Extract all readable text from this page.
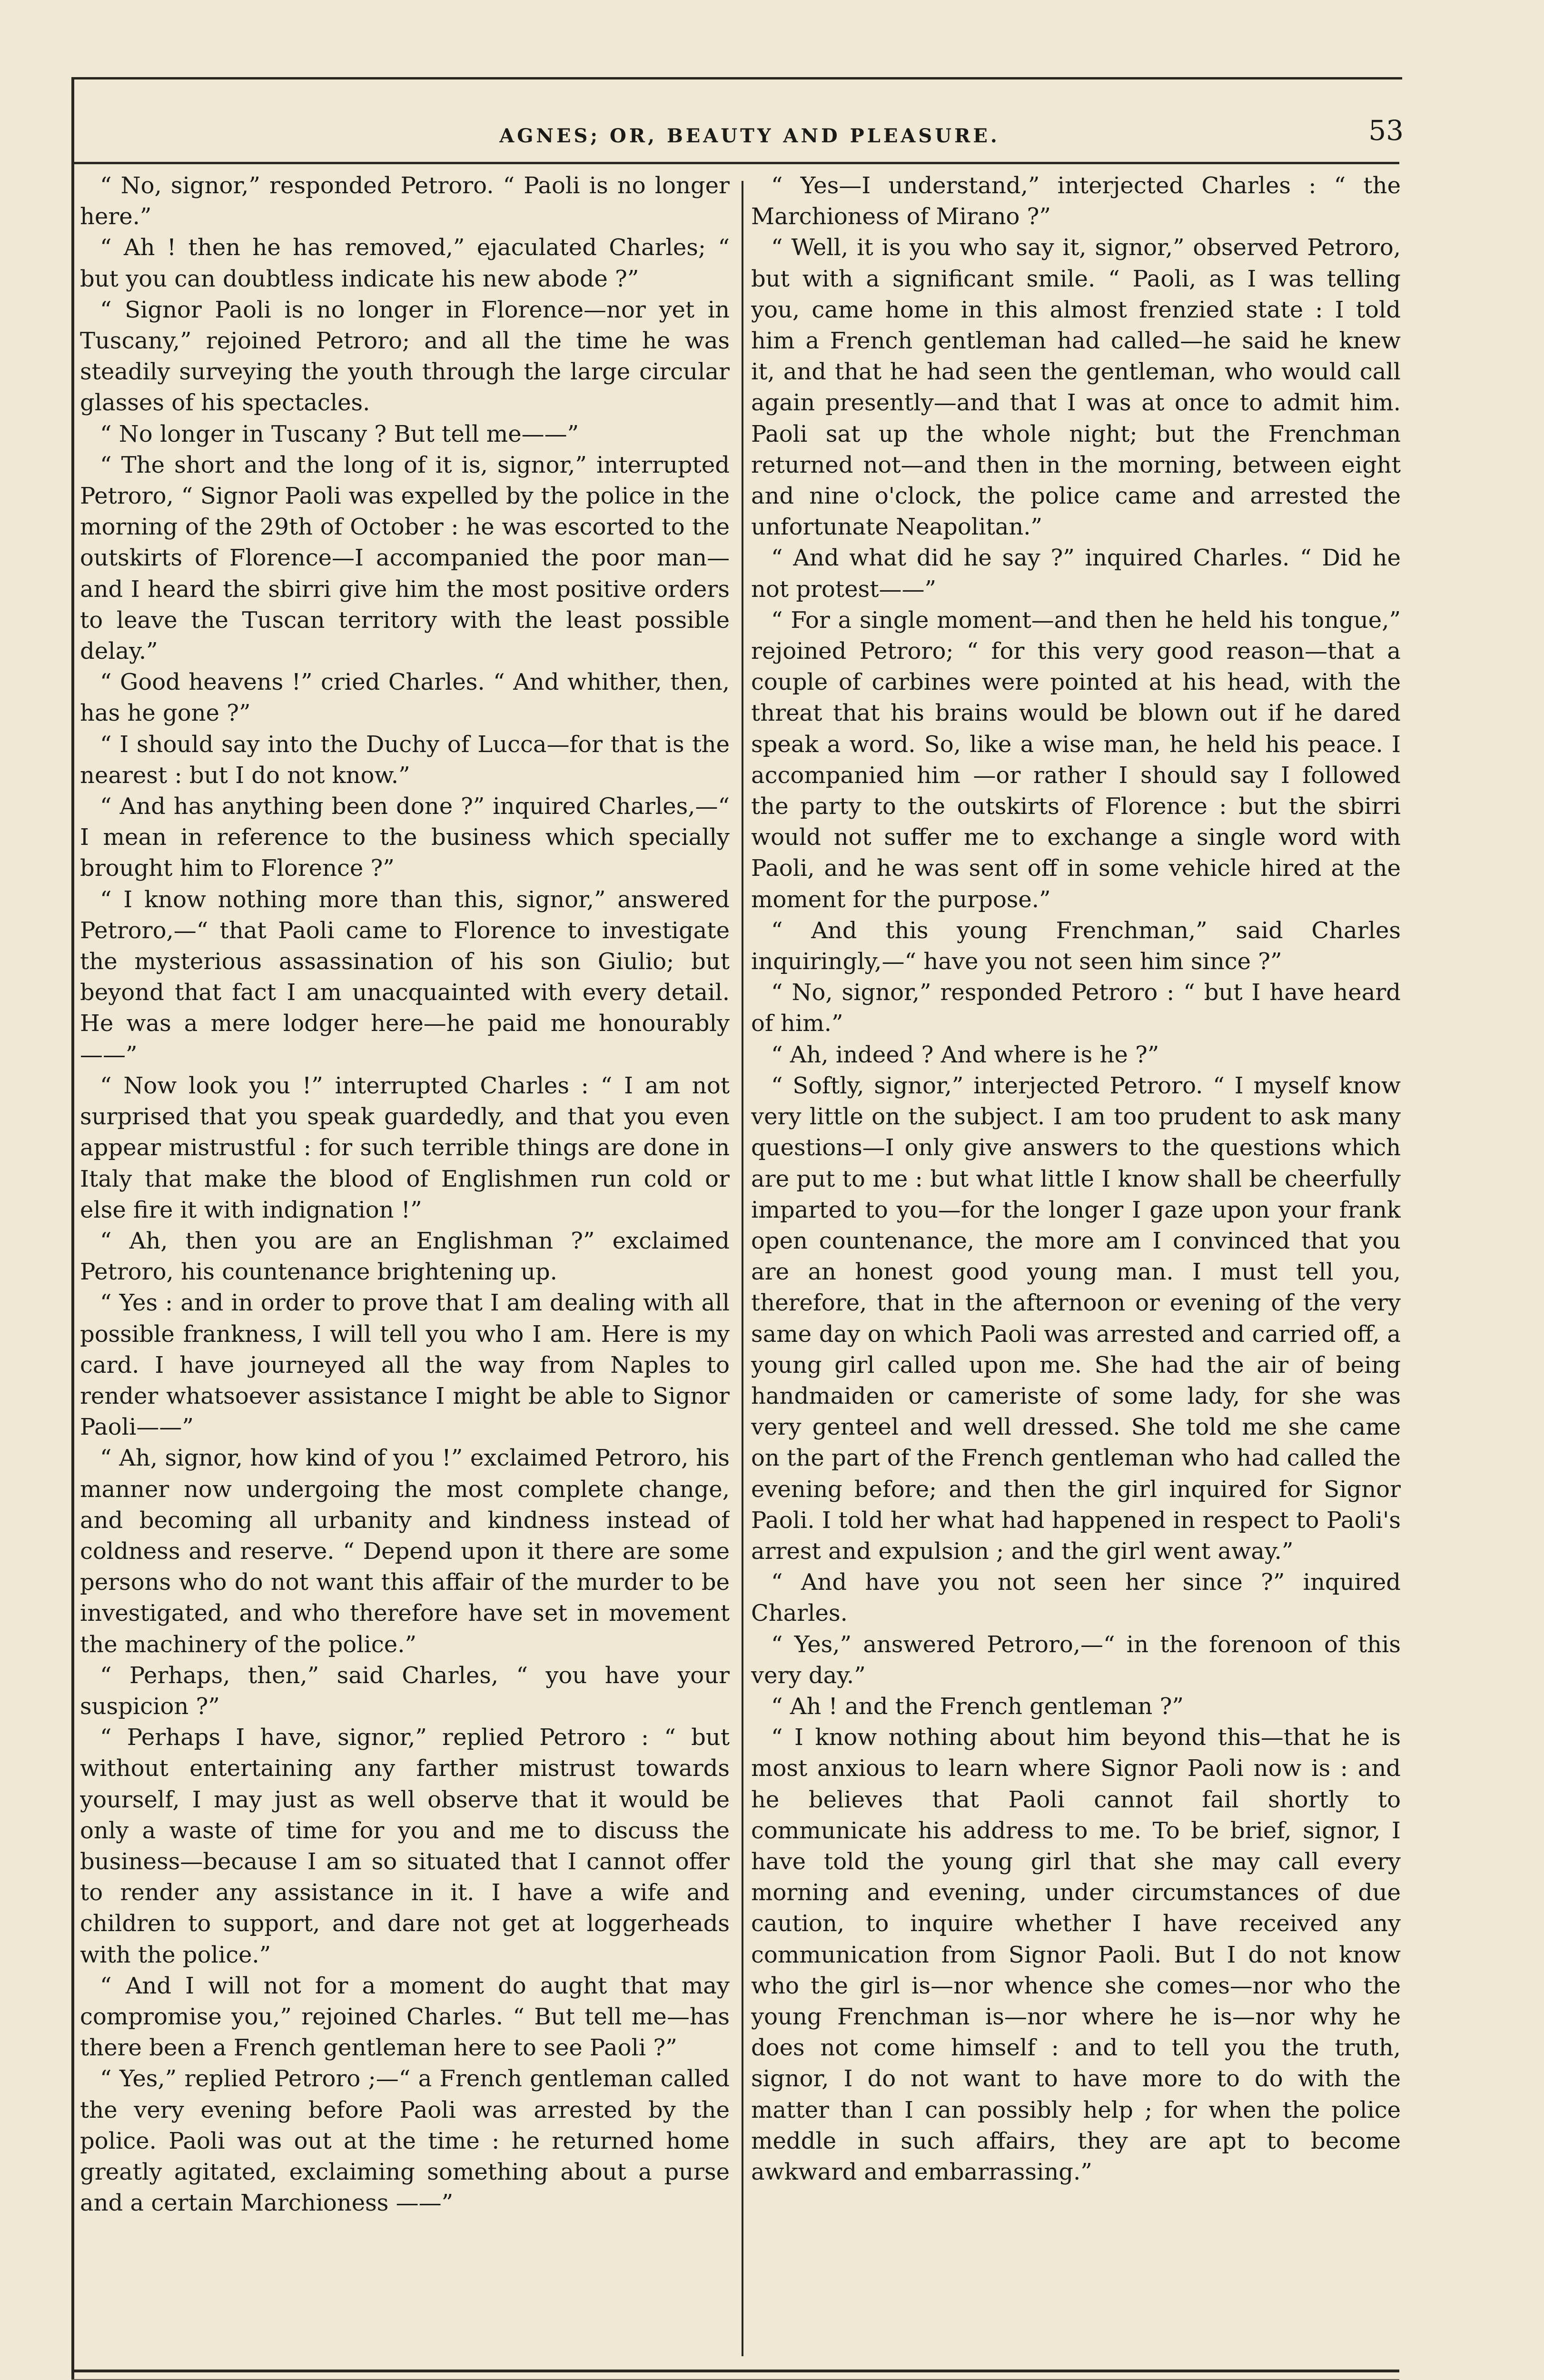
AGNES; OR, BEAUTY AND PLEASURE.	53

“ No, signor,” responded Petroro. “ Paoli is no longer here.”

“ Ah ! then he has removed,” ejaculated Charles; “ but you can doubtless indicate his new abode ?”

“ Signor Paoli is no longer in Florence—nor yet in Tuscany,” rejoined Petroro; and all the time he was steadily surveying the youth through the large circular glasses of his spectacles.

“ No longer in Tuscany ? But tell me——”

“ The short and the long of it is, signor,” interrupted Petroro, “ Signor Paoli was expelled by the police in the morning of the 29th of October : he was escorted to the outskirts of Florence—I accompanied the poor man—and I heard the sbirri give him the most positive orders to leave the Tuscan territory with the least possible delay.”

“ Good heavens !” cried Charles. “ And whither, then, has he gone ?”

“ I should say into the Duchy of Lucca—for that is the nearest : but I do not know.”

“ And has anything been done ?” inquired Charles,—“ I mean in reference to the business which specially brought him to Florence ?”

“ I know nothing more than this, signor,” answered Petroro,—“ that Paoli came to Florence to investigate the mysterious assassination of his son Giulio; but beyond that fact I am unacquainted with every detail. He was a mere lodger here—he paid me honourably——”

“ Now look you !” interrupted Charles : “ I am not surprised that you speak guardedly, and that you even appear mistrustful : for such terrible things are done in Italy that make the blood of Englishmen run cold or else fire it with indignation !”

“ Ah, then you are an Englishman ?” exclaimed Petroro, his countenance brightening up.

“ Yes : and in order to prove that I am dealing with all possible frankness, I will tell you who I am. Here is my card. I have journeyed all the way from Naples to render whatsoever assistance I might be able to Signor Paoli——”

“ Ah, signor, how kind of you !” exclaimed Petroro, his manner now undergoing the most complete change, and becoming all urbanity and kindness instead of coldness and reserve. “ Depend upon it there are some persons who do not want this affair of the murder to be investigated, and who therefore have set in movement the machinery of the police.”

“ Perhaps, then,” said Charles, “ you have your suspicion ?”

“ Perhaps I have, signor,” replied Petroro : “ but without entertaining any farther mistrust towards yourself, I may just as well observe that it would be only a waste of time for you and me to discuss the business—because I am so situated that I cannot offer to render any assistance in it. I have a wife and children to support, and dare not get at loggerheads with the police.”

“ And I will not for a moment do aught that may compromise you,” rejoined Charles. “ But tell me—has there been a French gentleman here to see Paoli ?”

“ Yes,” replied Petroro ;—“ a French gentleman called the very evening before Paoli was arrested by the police. Paoli was out at the time : he returned home greatly agitated, exclaiming something about a purse and a certain Marchioness ——”

“ Yes—I understand,” interjected Charles : “ the Marchioness of Mirano ?”

“ Well, it is you who say it, signor,” observed Petroro, but with a significant smile. “ Paoli, as I was telling you, came home in this almost frenzied state : I told him a French gentleman had called—he said he knew it, and that he had seen the gentleman, who would call again presently—and that I was at once to admit him. Paoli sat up the whole night; but the Frenchman returned not—and then in the morning, between eight and nine o'clock, the police came and arrested the unfortunate Neapolitan.”

“ And what did he say ?” inquired Charles. “ Did he not protest——”

“ For a single moment—and then he held his tongue,” rejoined Petroro; “ for this very good reason—that a couple of carbines were pointed at his head, with the threat that his brains would be blown out if he dared speak a word. So, like a wise man, he held his peace. I accompanied him —or rather I should say I followed the party to the outskirts of Florence : but the sbirri would not suffer me to exchange a single word with Paoli, and he was sent off in some vehicle hired at the moment for the purpose.”

“ And this young Frenchman,” said Charles inquiringly,—“ have you not seen him since ?”

“ No, signor,” responded Petroro : “ but I have heard of him.”

“ Ah, indeed ? And where is he ?”

“ Softly, signor,” interjected Petroro. “ I myself know very little on the subject. I am too prudent to ask many questions—I only give answers to the questions which are put to me : but what little I know shall be cheerfully imparted to you—for the longer I gaze upon your frank open countenance, the more am I convinced that you are an honest good young man. I must tell you, therefore, that in the afternoon or evening of the very same day on which Paoli was arrested and carried off, a young girl called upon me. She had the air of being handmaiden or cameriste of some lady, for she was very genteel and well dressed. She told me she came on the part of the French gentleman who had called the evening before; and then the girl inquired for Signor Paoli. I told her what had happened in respect to Paoli's arrest and expulsion ; and the girl went away.”

“ And have you not seen her since ?” inquired Charles.

“ Yes,” answered Petroro,—“ in the forenoon of this very day.”

“ Ah ! and the French gentleman ?”

“ I know nothing about him beyond this—that he is most anxious to learn where Signor Paoli now is : and he believes that Paoli cannot fail shortly to communicate his address to me. To be brief, signor, I have told the young girl that she may call every morning and evening, under circumstances of due caution, to inquire whether I have received any communication from Signor Paoli. But I do not know who the girl is—nor whence she comes—nor who the young Frenchman is—nor where he is—nor why he does not come himself : and to tell you the truth, signor, I do not want to have more to do with the matter than I can possibly help ; for when the police meddle in such affairs, they are apt to become awkward and embarrassing.”
